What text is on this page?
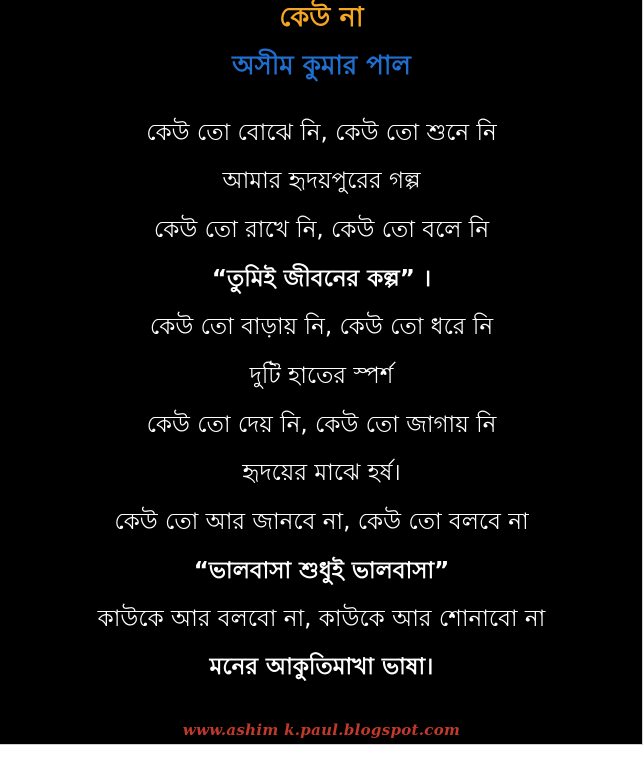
কেউ না
অসীম কুমার পাল
কেউ তো বোঝে নি, কেউ তো শুনে নি
আমার হৃদয়পুরের গল্প
কেউ তো রাখে নি, কেউ তো বলে নি
“তুমিই জীবনের কল্প” ।
কেউ তো বাড়ায় নি, কেউ তো ধরে নি
দুটি হাতের স্পর্শ
কেউ তো দেয় নি, কেউ তো জাগায় নি
হৃদয়ের মাঝে হর্ষ।
কেউ তো আর জানবে না, কেউ তো বলবে না
“ভালবাসা শুধুই ভালবাসা”
কাউকে আর বলবো না, কাউকে আর শোনাবো না
মনের আকুতিমাখা ভাষা।
www.ashim k.paul.blogspot.com
